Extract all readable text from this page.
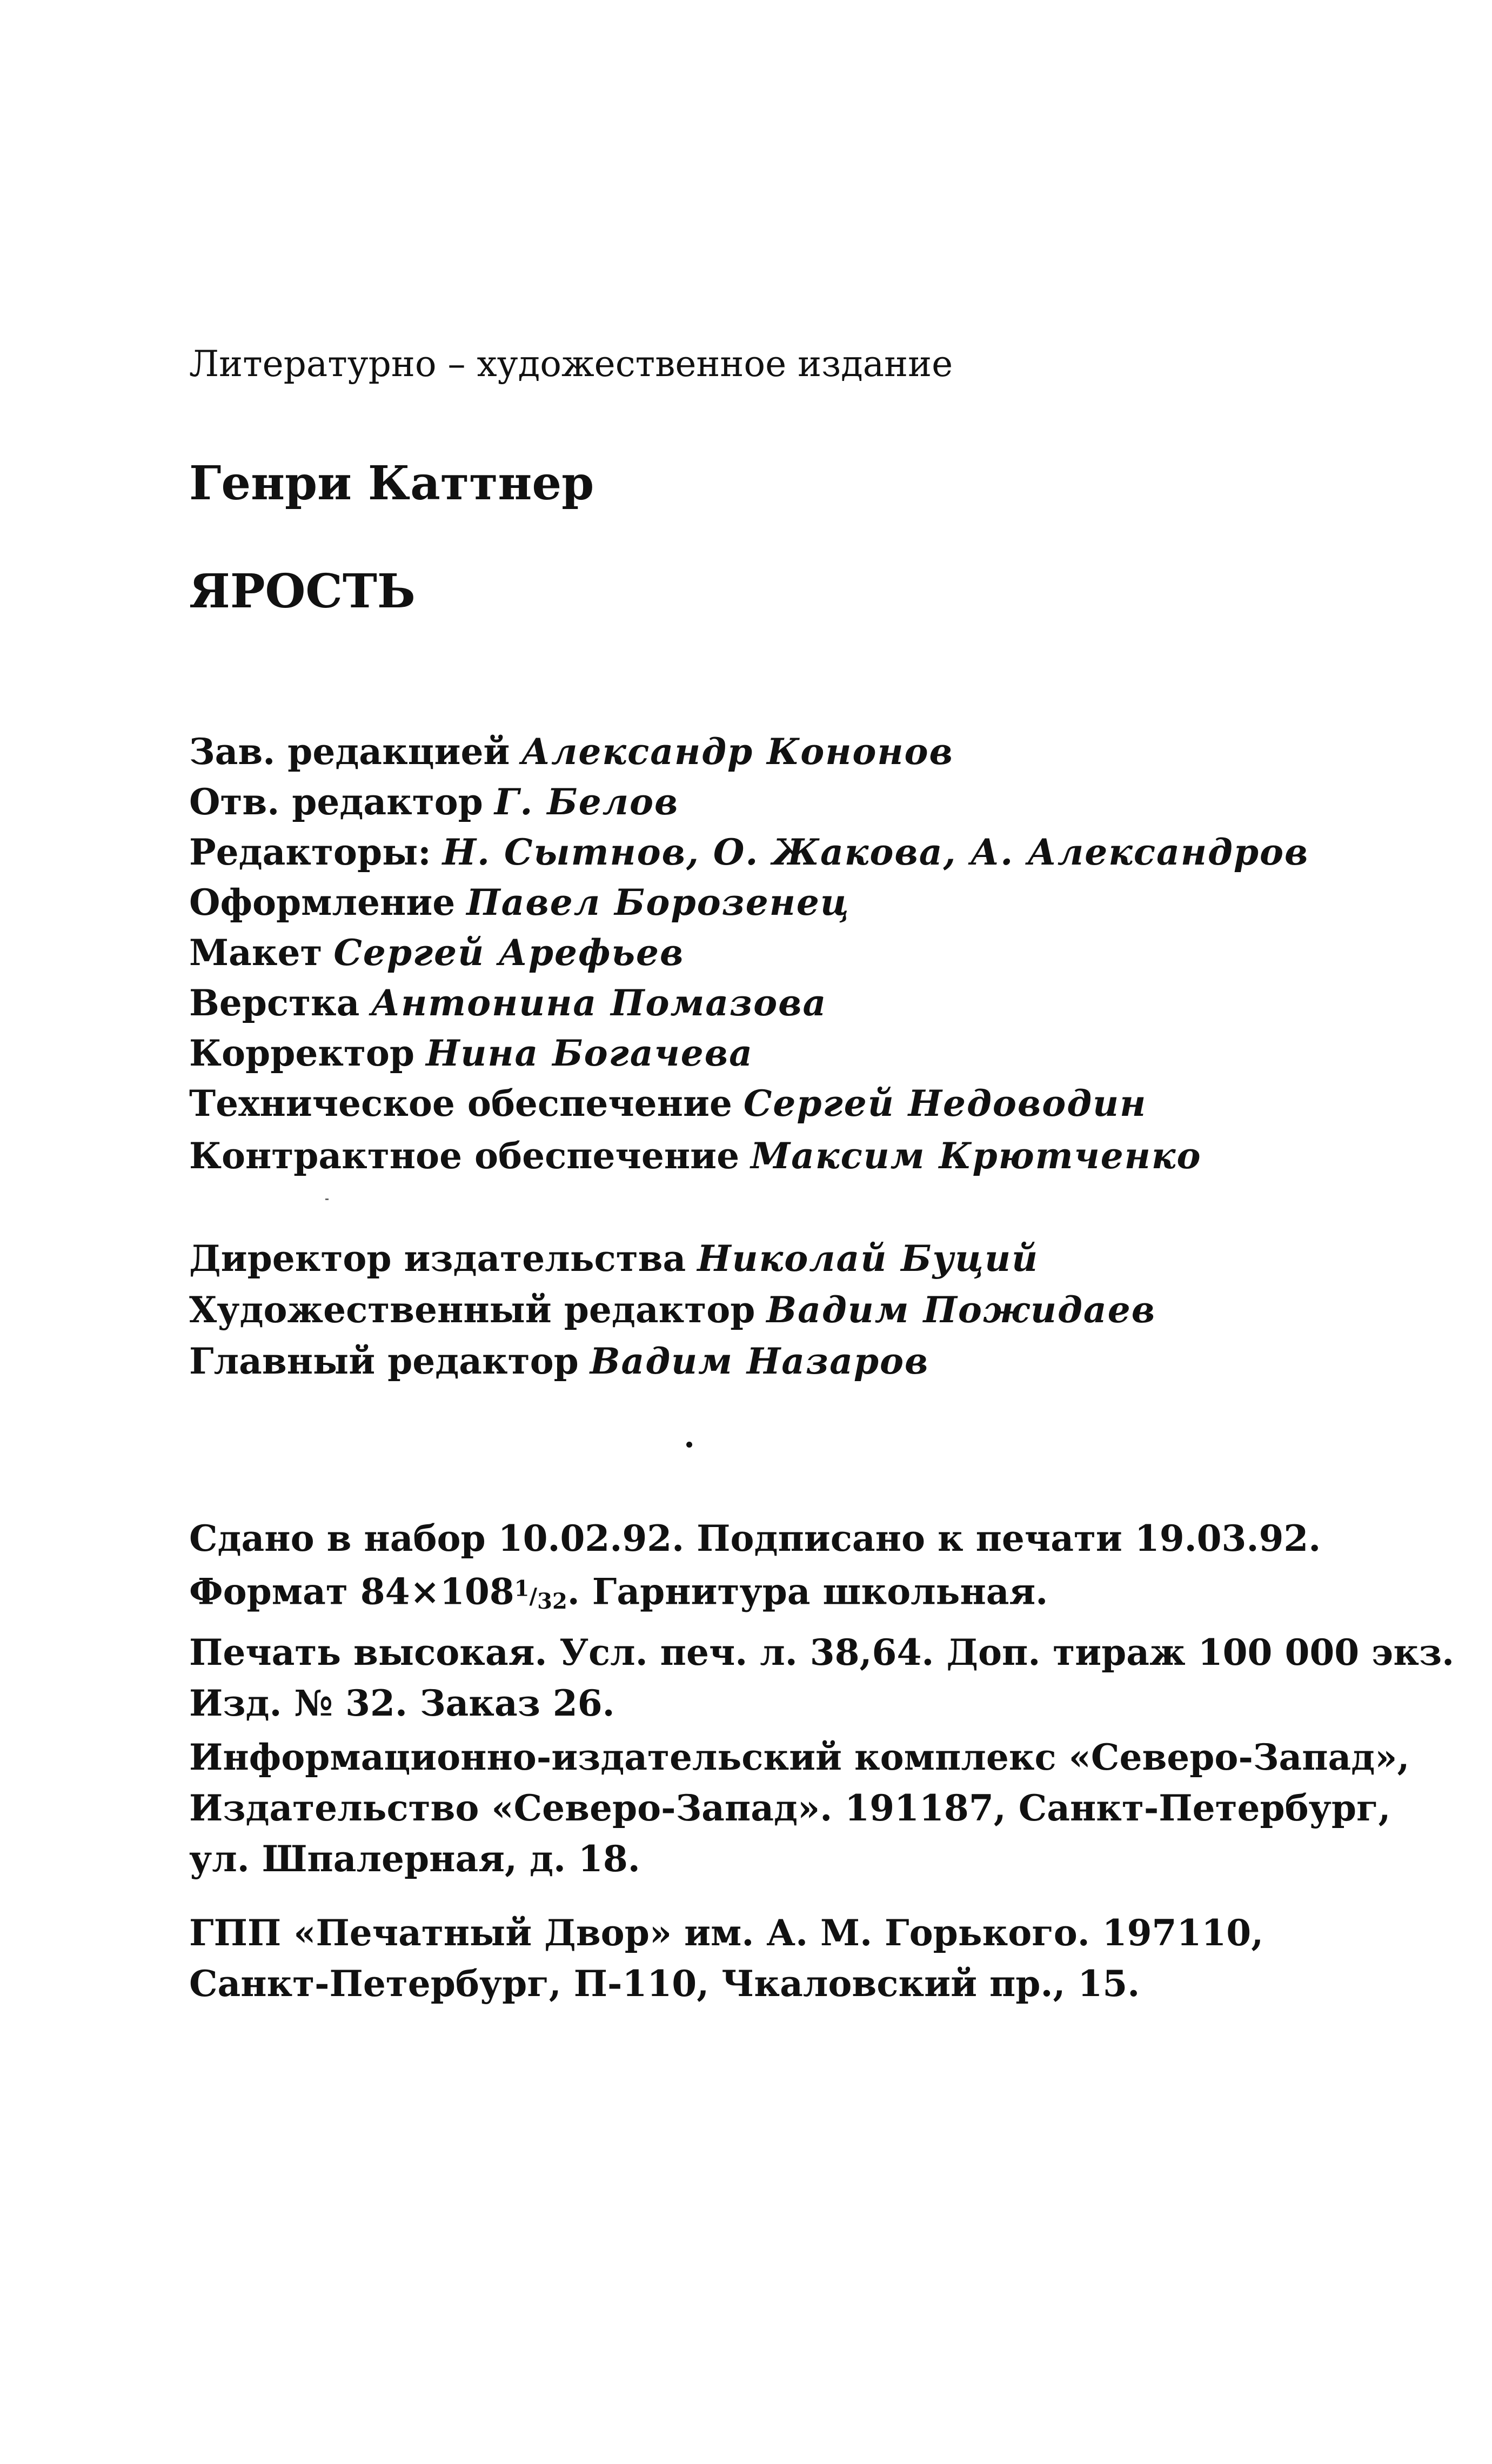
Литературно – художественное издание
Генри Каттнер
ЯРОСТЬ
Зав. редакцией Александр Кононов
Отв. редактор Г. Белов
Редакторы: Н. Сытнов, О. Жакова, А. Александров
Оформление Павел Борозенец
Макет Сергей Арефьев
Верстка Антонина Помазова
Корректор Нина Богачева
Техническое обеспечение Сергей Недоводин
Контрактное обеспечение Максим Крютченко
Директор издательства Николай Буций
Художественный редактор Вадим Пожидаев
Главный редактор Вадим Назаров
Сдано в набор 10.02.92. Подписано к печати 19.03.92.
Формат $84\times 108^1/_{32}$. Гарнитура школьная.
Печать высокая. Усл. печ. л. 38,64. Доп. тираж 100 000 экз.
Изд. № 32. Заказ 26.
Информационно-издательский комплекс «Северо-Запад»,
Издательство «Северо-Запад». 191187, Санкт-Петербург,
ул. Шпалерная, д. 18.
ГПП «Печатный Двор» им. А. М. Горького. 197110,
Санкт-Петербург, П-110, Чкаловский пр., 15.
